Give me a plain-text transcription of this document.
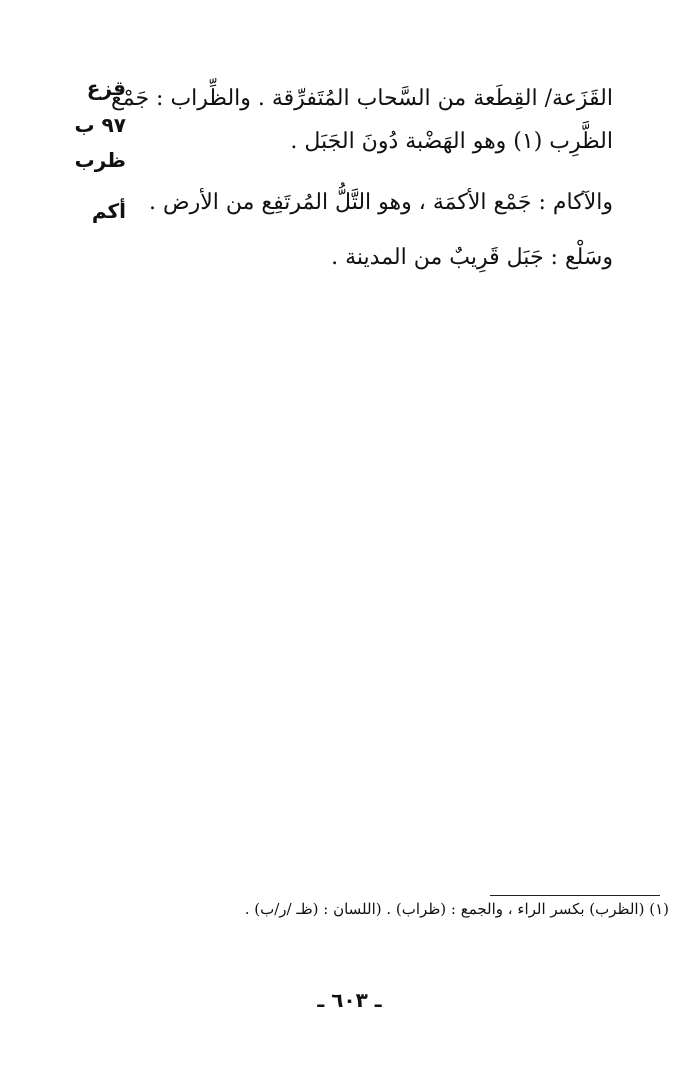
قزع
٩٧ ب
ظرب
أكم
القَزَعة/ القِطَعة من السَّحاب المُتَفرِّقة . والظِّراب : جَمْع
الظَّرِب (١) وهو الهَضْبة دُونَ الجَبَل .
والآكام : جَمْع الأكمَة ، وهو التَّلُّ المُرتَفِع من الأرض .
وسَلْع : جَبَل قَرِيبٌ من المدينة .
(١) (الظرب) بكسر الراء ، والجمع : (ظراب) . (اللسان : (ظـ /ر/ب) .
ـ ٦٠٣ ـ
